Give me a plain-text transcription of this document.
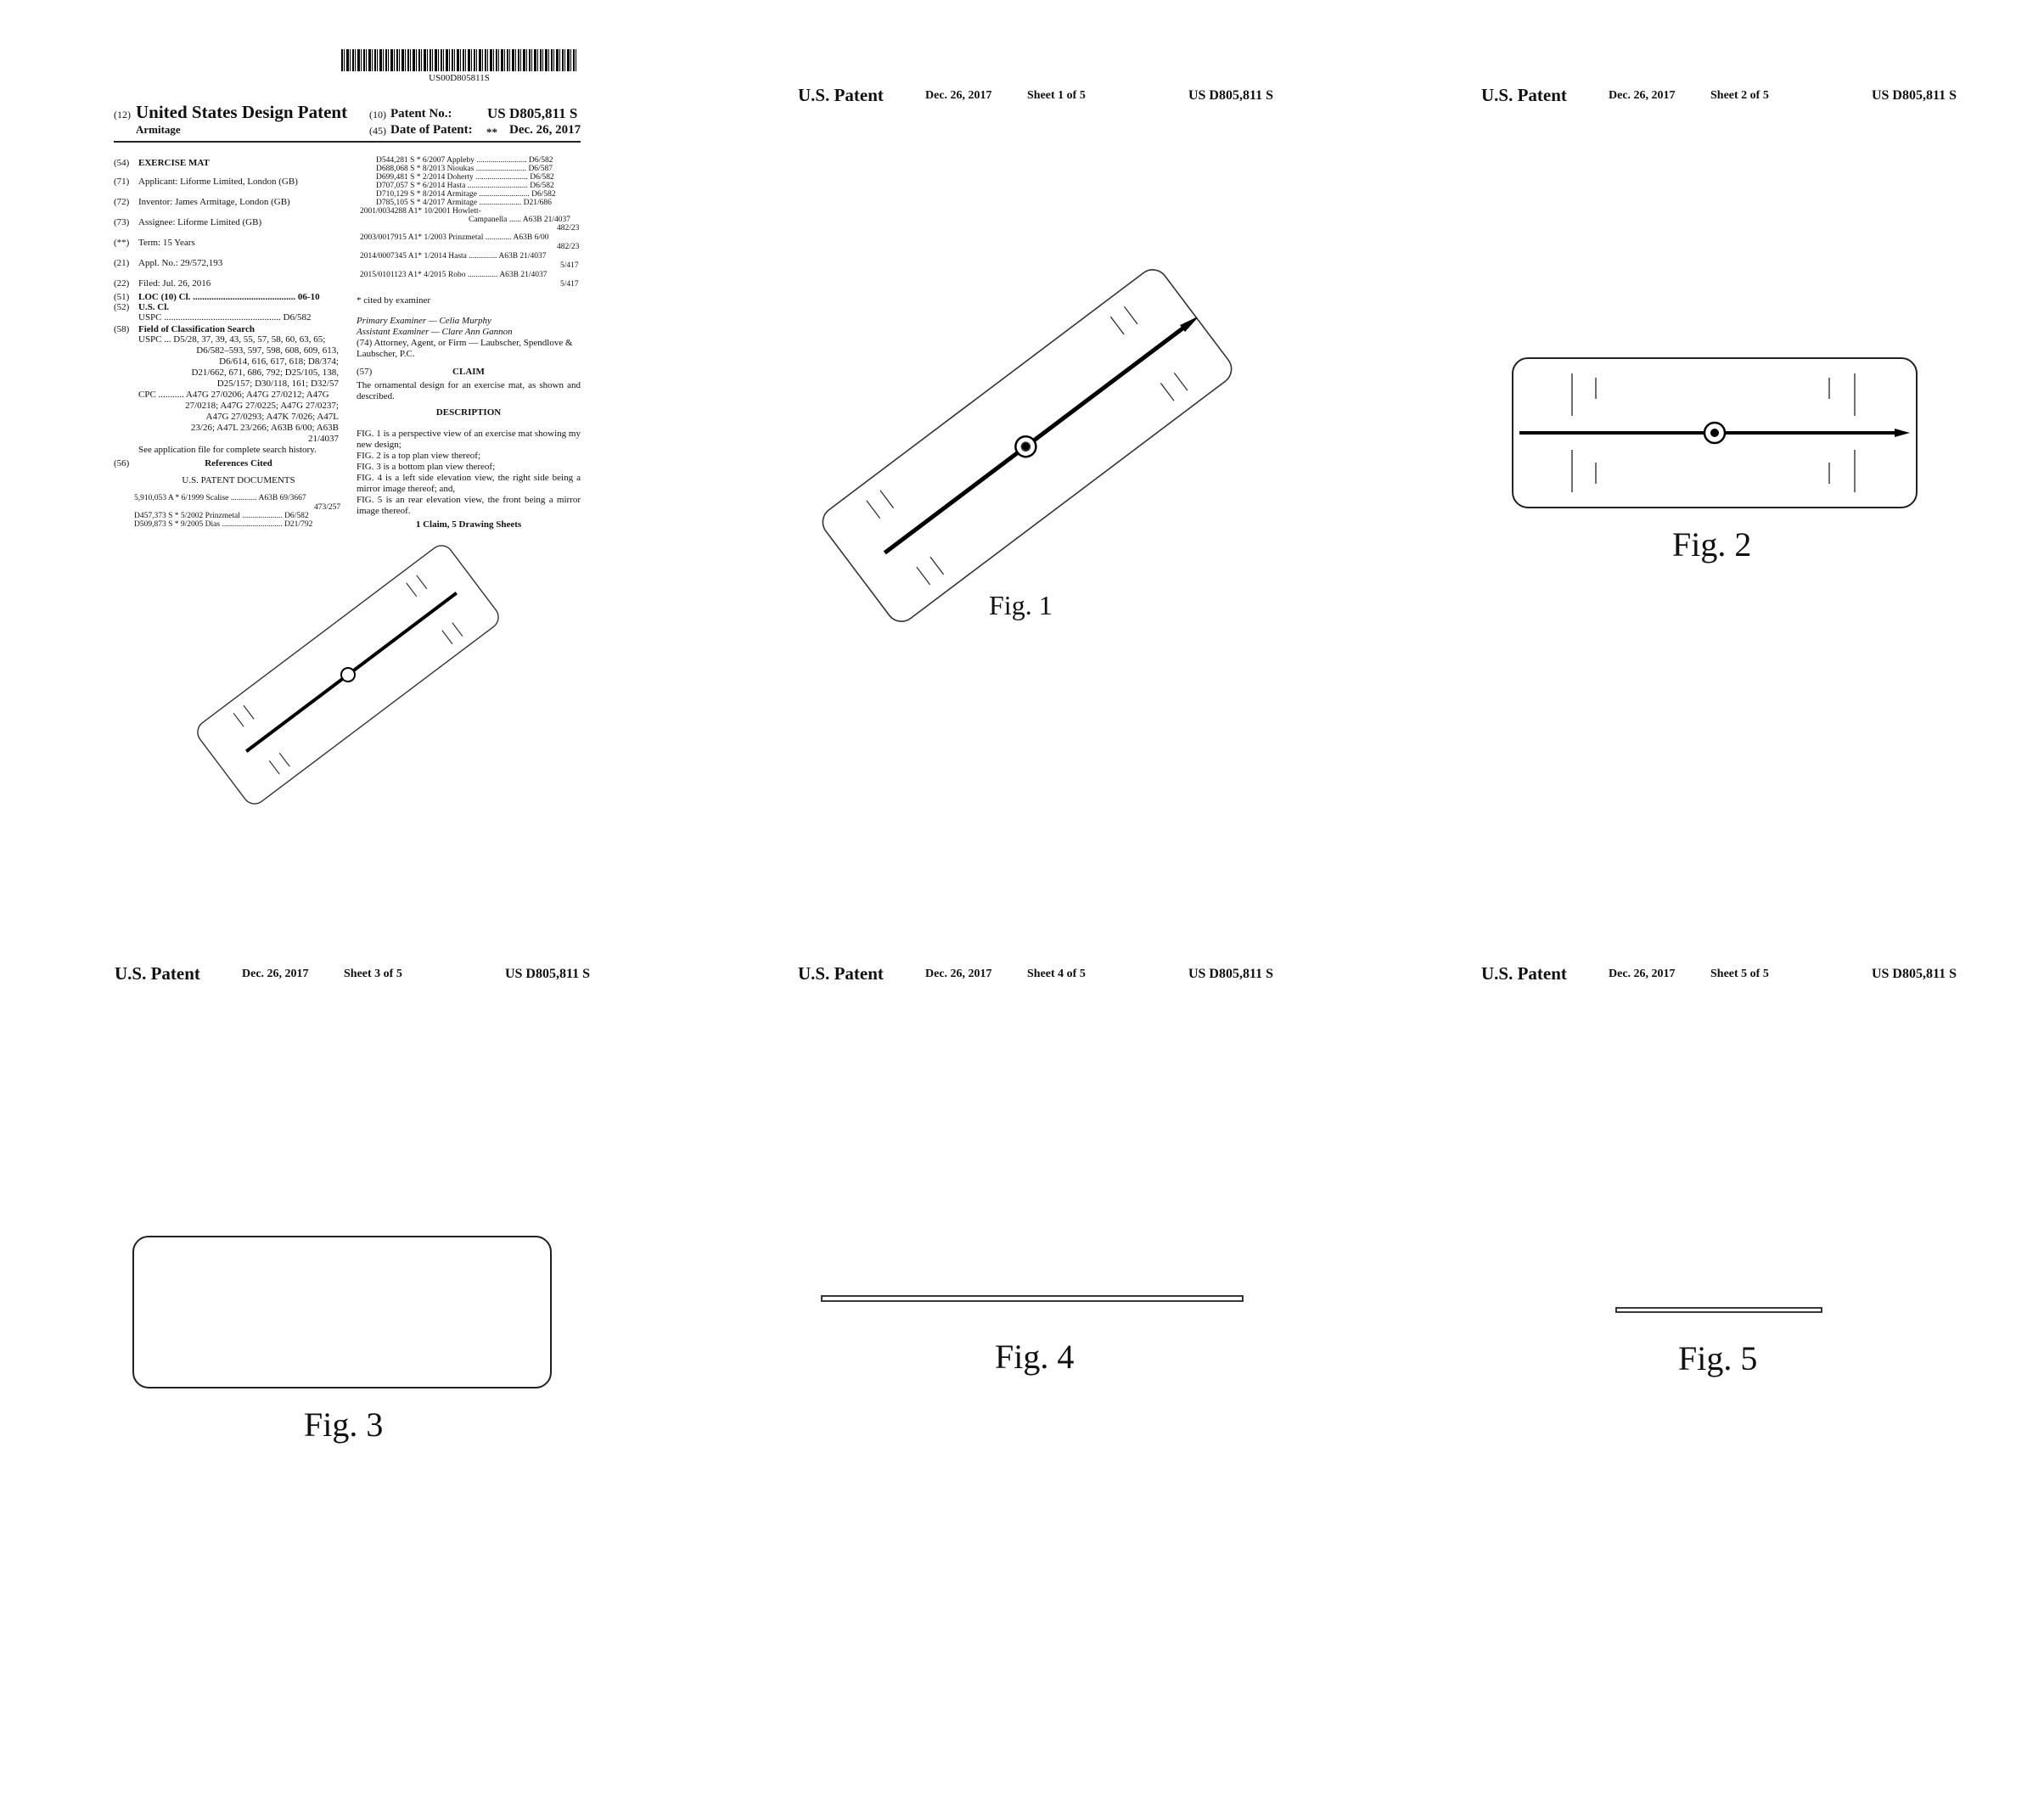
US00D805811S
(12) United States Design Patent
Armitage
(10) Patent No.: US D805,811 S
(45) Date of Patent: ** Dec. 26, 2017
(54) EXERCISE MAT
(71) Applicant: Liforme Limited, London (GB)
(72) Inventor: James Armitage, London (GB)
(73) Assignee: Liforme Limited (GB)
(**) Term: 15 Years
(21) Appl. No.: 29/572,193
(22) Filed: Jul. 26, 2016
(51) LOC (10) Cl. ............................................ 06-10
(52) U.S. Cl.
USPC .................................................. D6/582
(58) Field of Classification Search
USPC ... D5/28, 37, 39, 43, 55, 57, 58, 60, 63, 65;
D6/582–593, 597, 598, 608, 609, 613,
D6/614, 616, 617, 618; D8/374;
D21/662, 671, 686, 792; D25/105, 138,
D25/157; D30/118, 161; D32/57
CPC ........... A47G 27/0206; A47G 27/0212; A47G
27/0218; A47G 27/0225; A47G 27/0237;
A47G 27/0293; A47K 7/026; A47L
23/26; A47L 23/266; A63B 6/00; A63B
21/4037
See application file for complete search history.
(56)	References Cited
U.S. PATENT DOCUMENTS
5,910,053 A * 6/1999 Scalise ............. A63B 69/3667
473/257
D457,373 S * 5/2002 Prinzmetal .................... D6/582
D509,873 S * 9/2005 Dias .............................. D21/792
D544,281 S * 6/2007 Appleby ......................... D6/582
D688,068 S * 8/2013 Nioukas ......................... D6/587
D699,481 S * 2/2014 Doherty .......................... D6/582
D707,057 S * 6/2014 Hasta .............................. D6/582
D710,129 S * 8/2014 Armitage ......................... D6/582
D785,105 S * 4/2017 Armitage ..................... D21/686
2001/0034288 A1* 10/2001 Howlett-
Campanella ...... A63B 21/4037
482/23
2003/0017915 A1* 1/2003 Prinzmetal ............. A63B 6/00
482/23
2014/0007345 A1* 1/2014 Hasta .............. A63B 21/4037
5/417
2015/0101123 A1* 4/2015 Robo ............... A63B 21/4037
5/417
* cited by examiner
Primary Examiner — Celia Murphy
Assistant Examiner — Clare Ann Gannon
(74) Attorney, Agent, or Firm — Laubscher, Spendlove & Laubscher, P.C.
(57)	CLAIM
The ornamental design for an exercise mat, as shown and described.
DESCRIPTION
FIG. 1 is a perspective view of an exercise mat showing my new design;
FIG. 2 is a top plan view thereof;
FIG. 3 is a bottom plan view thereof;
FIG. 4 is a left side elevation view, the right side being a mirror image thereof; and,
FIG. 5 is an rear elevation view, the front being a mirror image thereof.
1 Claim, 5 Drawing Sheets
U.S. Patent	Dec. 26, 2017	Sheet 1 of 5	US D805,811 S
Fig. 1
U.S. Patent	Dec. 26, 2017	Sheet 2 of 5	US D805,811 S
Fig. 2
U.S. Patent	Dec. 26, 2017	Sheet 3 of 5	US D805,811 S
Fig. 3
U.S. Patent	Dec. 26, 2017	Sheet 4 of 5	US D805,811 S
Fig. 4
U.S. Patent	Dec. 26, 2017	Sheet 5 of 5	US D805,811 S
Fig. 5
